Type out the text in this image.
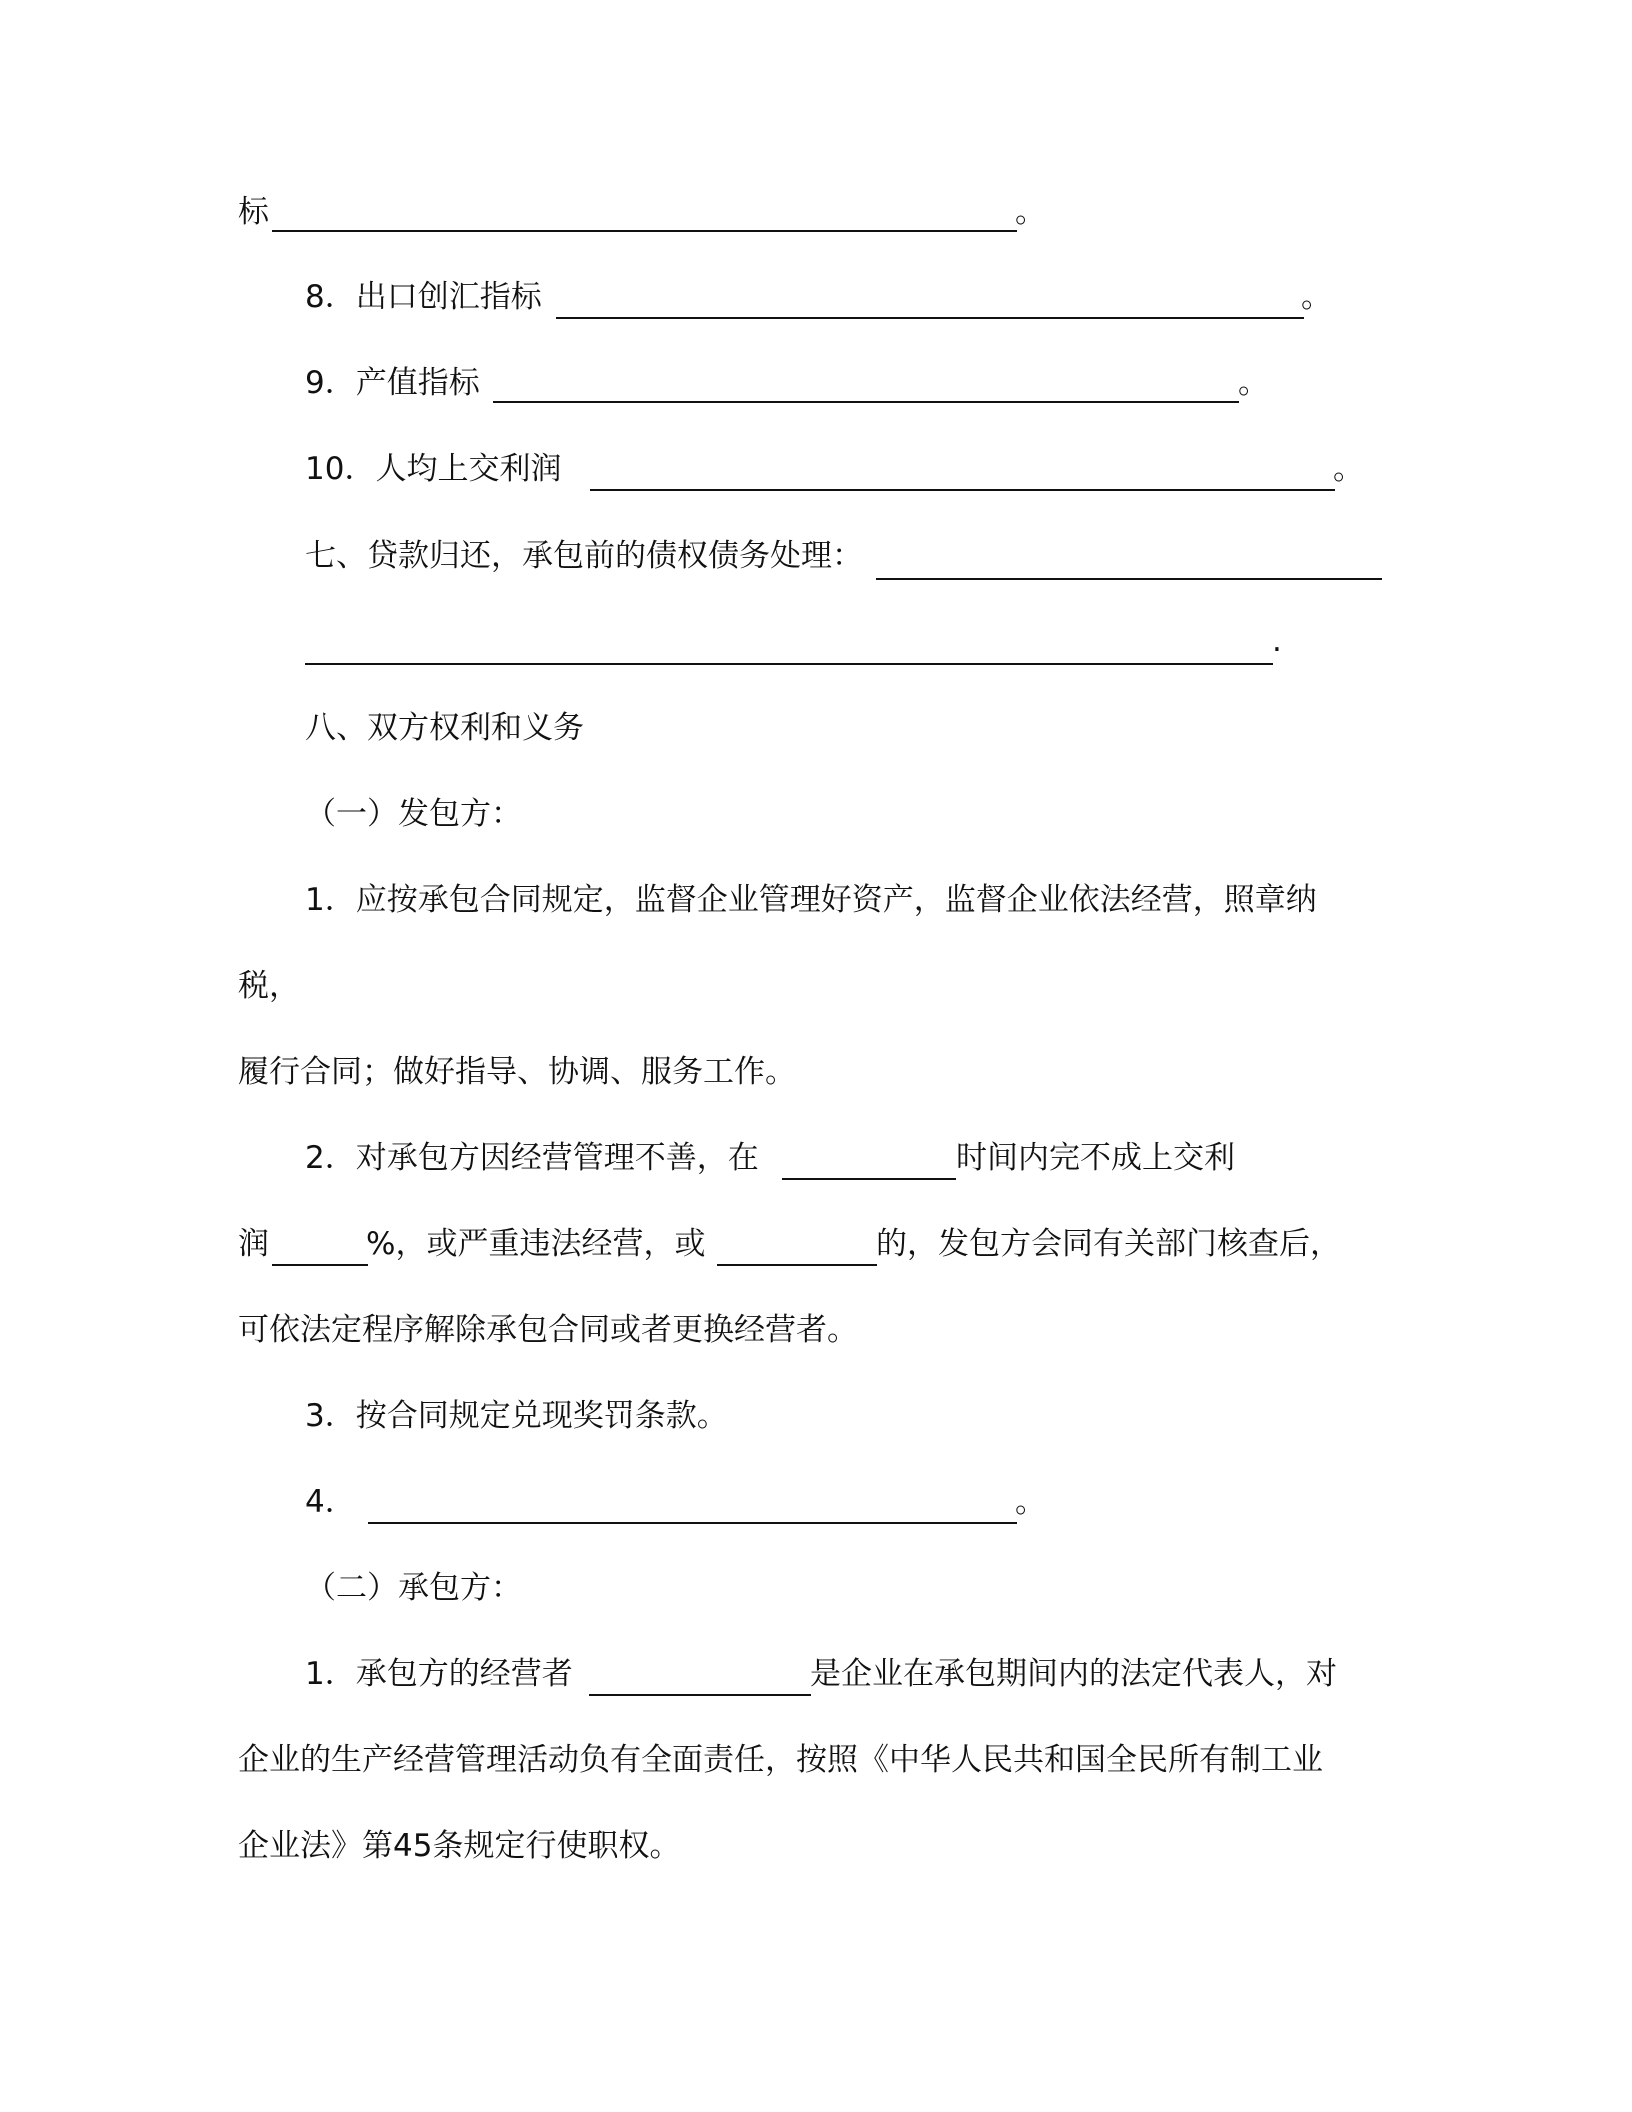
标	。
8．出口创汇指标	。
9．产值指标	。
10．人均上交利润	。
七、贷款归还，承包前的债权债务处理：
.
八、双方权利和义务
（一）发包方：
1．应按承包合同规定，监督企业管理好资产，监督企业依法经营，照章纳
税，
履行合同；做好指导、协调、服务工作。
2．对承包方因经营管理不善，在	时间内完不成上交利
润	%，或严重违法经营，或	的，发包方会同有关部门核查后，
可依法定程序解除承包合同或者更换经营者。
3．按合同规定兑现奖罚条款。
4．	。
（二）承包方：
1．承包方的经营者	是企业在承包期间内的法定代表人，对
企业的生产经营管理活动负有全面责任，按照《中华人民共和国全民所有制工业
企业法》第45条规定行使职权。
